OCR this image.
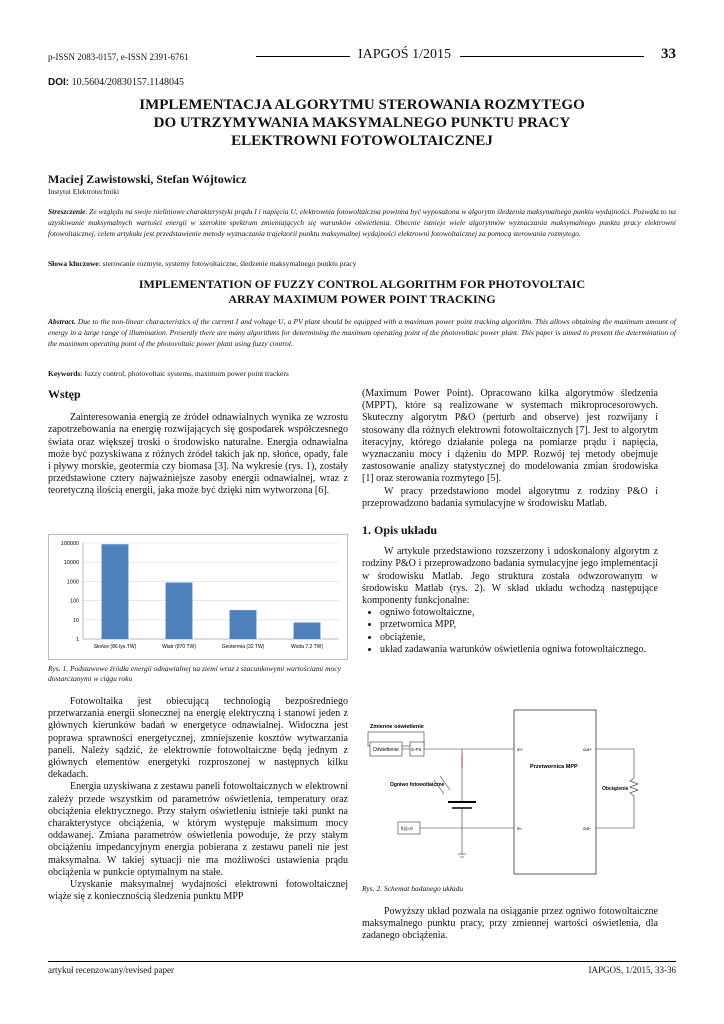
p-ISSN 2083-0157, e-ISSN 2391-6761	IAPGOŚ 1/2015	33
DOI: 10.5604/20830157.1148045
IMPLEMENTACJA ALGORYTMU STEROWANIA ROZMYTEGO
DO UTRZYMYWANIA MAKSYMALNEGO PUNKTU PRACY
ELEKTROWNI FOTOWOLTAICZNEJ
Maciej Zawistowski, Stefan Wójtowicz
Instytut Elektrotechniki
Streszczenie. Ze względu na swoje nieliniowe charakterystyki prądu I i napięcia U, elektrownia fotowoltaiczna powinna być wyposażona w algorytm śledzenia maksymalnego punktu wydajności. Pozwala to na uzyskiwanie maksymalnych wartości energii w szerokim spektrum zmieniających się warunków oświetlenia. Obecnie istnieje wiele algorytmów wyznaczania maksymalnego punktu pracy elektrowni fotowoltaicznej, celem artykułu jest przedstawienie metody wyznaczania trajektorii punktu maksymalnej wydajności elektrowni fotowoltaicznej za pomocą sterowania rozmytego.
Słowa kluczowe: sterowanie rozmyte, systemy fotowoltaiczne, śledzenie maksymalnego punktu pracy
IMPLEMENTATION OF FUZZY CONTROL ALGORITHM FOR PHOTOVOLTAIC
ARRAY MAXIMUM POWER POINT TRACKING
Abstract. Due to the non-linear characteristics of the current I and voltage U, a PV plant should be equipped with a maximum power point tracking algorithm. This allows obtaining the maximum amount of energy in a large range of illumination. Presently there are many algorithms for determining the maximum operating point of the photovoltaic power plant. This paper is aimed to present the determination of the maximum operating point of the photovoltaic power plant using fuzzy control.
Keywords: fuzzy control, photovoltaic systems, maximum power point trackers
Wstęp

Zainteresowania energią ze źródeł odnawialnych wynika ze wzrostu zapotrzebowania na energię rozwijających się gospodarek współczesnego świata oraz większej troski o środowisko naturalne. Energia odnawialna może być pozyskiwana z różnych źródeł takich jak np. słońce, opady, fale i pływy morskie, geotermia czy biomasa [3]. Na wykresie (rys. 1), zostały przedstawione cztery najważniejsze zasoby energii odnawialnej, wraz z teoretyczną ilością energii, jaka może być dzięki nim wytworzona [6].

100000
10000
1000
100
10
1
Słońce (86 tys.TW)	Wiatr (870 TW)	Geotermia (32 TW)	Woda 7,2 TW)
Rys. 1. Podstawowe źródła energii odnawialnej na ziemi wraz z szacunkowymi wartościami mocy dostarczanymi w ciągu roku

Fotowoltaika jest obiecującą technologią bezpośredniego przetwarzania energii słonecznej na energię elektryczną i stanowi jeden z głównych kierunków badań w energetyce odnawialnej. Widoczna jest poprawa sprawności energetycznej, zmniejszenie kosztów wytwarzania paneli. Należy sądzić, że elektrownie fotowoltaiczne będą jednym z głównych elementów energetyki rozproszonej w następnych kilku dekadach.

Energia uzyskiwana z zestawu paneli fotowoltaicznych w elektrowni zależy przede wszystkim od parametrów oświetlenia, temperatury oraz obciążenia elektrycznego. Przy stałym oświetleniu istnieje taki punkt na charakterystyce obciążenia, w którym występuje maksimum mocy oddawanej. Zmiana parametrów oświetlenia powoduje, że przy stałym obciążeniu impedancyjnym energia pobierana z zestawu paneli nie jest maksymalna. W takiej sytuacji nie ma możliwości ustawienia prądu obciążenia w punkcie optymalnym na stałe.

Uzyskanie maksymalnej wydajności elektrowni fotowoltaicznej wiąże się z koniecznością śledzenia punktu MPP

(Maximum Power Point). Opracowano kilka algorytmów śledzenia (MPPT), które są realizowane w systemach mikroprocesorowych. Skuteczny algorytm P&O (perturb and observe) jest rozwijany i stosowany dla różnych elektrowni fotowoltaicznych [7]. Jest to algorytm iteracyjny, którego działanie polega na pomiarze prądu i napięcia, wyznaczaniu mocy i dążeniu do MPP. Rozwój tej metody obejmuje zastosowanie analizy statystycznej do modelowania zmian środowiska [1] oraz sterowania rozmytego [5].

W pracy przedstawiono model algorytmu z rodziny P&O i przeprowadzono badania symulacyjne w środowisku Matlab.

1. Opis układu

W artykule przedstawiono rozszerzony i udoskonalony algorytm z rodziny P&O i przeprowadzono badania symulacyjne jego implementacji w środowisku Matlab. Jego struktura została odwzorowanym w środowisku Matlab (rys. 2). W skład układu wchodzą następujące komponenty funkcjonalne:

• ogniwo fotowoltaiczne,
• przetwornica MPP,
• obciążenie,
• układ zadawania warunków oświetlenia ogniwa fotowoltaicznego.
Zmienne oświetlenie
Oświetlenie	S-PS
Ogniwo fotowoltaiczne
f(x)=0
Przetwornica MPP
in+
in-
out+
out-
Obciążenie
Rys. 2. Schemat badanego układu

Powyższy układ pozwala na osiąganie przez ogniwo fotowoltaiczne maksymalnego punktu pracy, przy zmiennej wartości oświetlenia, dla zadanego obciążenia.

artykuł recenzowany/revised paper	IAPGOS, 1/2015, 33-36
